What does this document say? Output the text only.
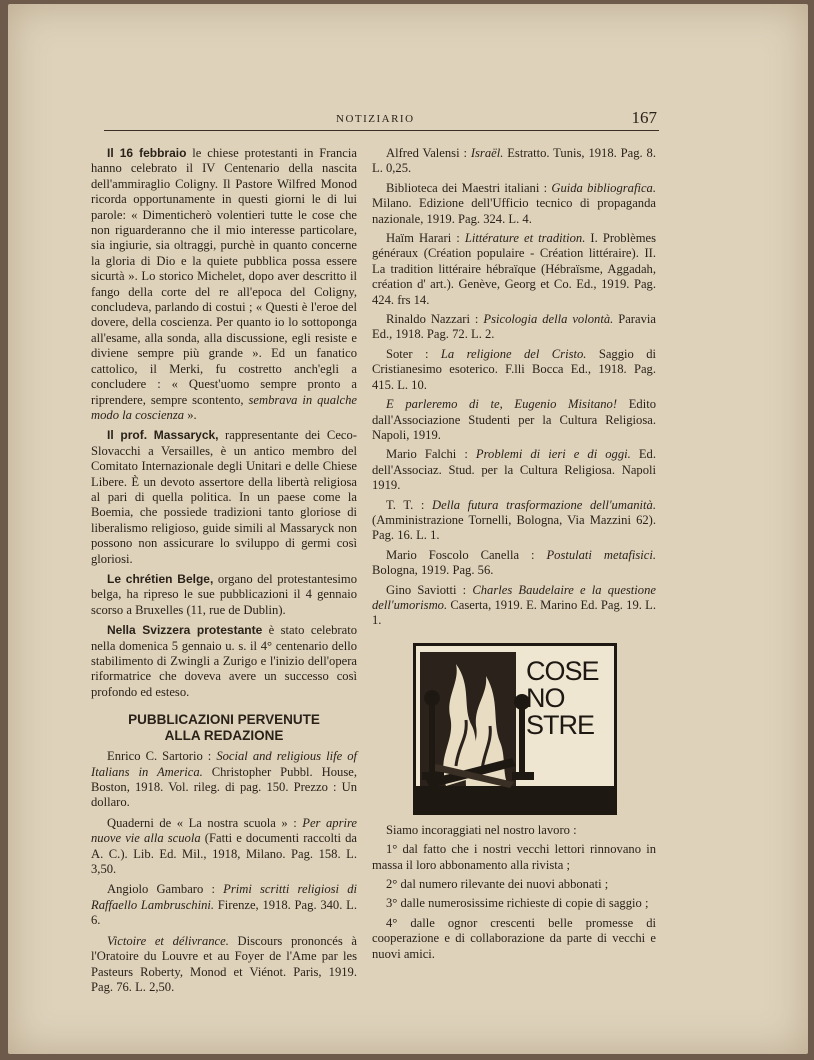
NOTIZIARIO	167

Il 16 febbraio le chiese protestanti in Francia hanno celebrato il IV Centenario della nascita dell'ammiraglio Coligny. Il Pastore Wilfred Monod ricorda opportunamente in questi giorni le di lui parole: « Dimenticherò volentieri tutte le cose che non riguarderanno che il mio interesse particolare, sia ingiurie, sia oltraggi, purchè in quanto concerne la gloria di Dio e la quiete pubblica possa essere sicurtà ». Lo storico Michelet, dopo aver descritto il fango della corte del re all'epoca del Coligny, concludeva, parlando di costui ; « Questi è l'eroe del dovere, della coscienza. Per quanto io lo sottoponga all'esame, alla sonda, alla discussione, egli resiste e diviene sempre più grande ». Ed un fanatico cattolico, il Merki, fu costretto anch'egli a concludere : « Quest'uomo sempre pronto a riprendere, sempre scontento, sembrava in qualche modo la coscienza ».

Il prof. Massaryck, rappresentante dei Ceco-Slovacchi a Versailles, è un antico membro del Comitato Internazionale degli Unitari e delle Chiese Libere. È un devoto assertore della libertà religiosa al pari di quella politica. In un paese come la Boemia, che possiede tradizioni tanto gloriose di liberalismo religioso, guide simili al Massaryck non possono non assicurare lo sviluppo di germi così gloriosi.

Le chrétien Belge, organo del protestantesimo belga, ha ripreso le sue pubblicazioni il 4 gennaio scorso a Bruxelles (11, rue de Dublin).

Nella Svizzera protestante è stato celebrato nella domenica 5 gennaio u. s. il 4° centenario dello stabilimento di Zwingli a Zurigo e l'inizio dell'opera riformatrice che doveva avere un successo così profondo ed esteso.

PUBBLICAZIONI PERVENUTE
ALLA REDAZIONE

Enrico C. Sartorio : Social and religious life of Italians in America. Christopher Pubbl. House, Boston, 1918. Vol. rileg. di pag. 150. Prezzo : Un dollaro.

Quaderni de « La nostra scuola » : Per aprire nuove vie alla scuola (Fatti e documenti raccolti da A. C.). Lib. Ed. Mil., 1918, Milano. Pag. 158. L. 3,50.

Angiolo Gambaro : Primi scritti religiosi di Raffaello Lambruschini. Firenze, 1918. Pag. 340. L. 6.

Victoire et délivrance. Discours prononcés à l'Oratoire du Louvre et au Foyer de l'Ame par les Pasteurs Roberty, Monod et Viénot. Paris, 1919. Pag. 76. L. 2,50.

Alfred Valensi : Israël. Estratto. Tunis, 1918. Pag. 8. L. 0,25.

Biblioteca dei Maestri italiani : Guida bibliografica. Milano. Edizione dell'Ufficio tecnico di propaganda nazionale, 1919. Pag. 324. L. 4.

Haïm Harari : Littérature et tradition. I. Problèmes généraux (Création populaire - Création littéraire). II. La tradition littéraire hébraïque (Hébraïsme, Aggadah, création d' art.). Genève, Georg et Co. Ed., 1919. Pag. 424. frs 14.

Rinaldo Nazzari : Psicologia della volontà. Paravia Ed., 1918. Pag. 72. L. 2.

Soter : La religione del Cristo. Saggio di Cristianesimo esoterico. F.lli Bocca Ed., 1918. Pag. 415. L. 10.

E parleremo di te, Eugenio Misitano! Edito dall'Associazione Studenti per la Cultura Religiosa. Napoli, 1919.

Mario Falchi : Problemi di ieri e di oggi. Ed. dell'Associaz. Stud. per la Cultura Religiosa. Napoli 1919.

T. T. : Della futura trasformazione dell'umanità. (Amministrazione Tornelli, Bologna, Via Mazzini 62). Pag. 16. L. 1.

Mario Foscolo Canella : Postulati metafisici. Bologna, 1919. Pag. 56.

Gino Saviotti : Charles Baudelaire e la questione dell'umorismo. Caserta, 1919. E. Marino Ed. Pag. 19. L. 1.

COSE
NO
STRE

Siamo incoraggiati nel nostro lavoro :

1° dal fatto che i nostri vecchi lettori rinnovano in massa il loro abbonamento alla rivista ;

2° dal numero rilevante dei nuovi abbonati ;

3° dalle numerosissime richieste di copie di saggio ;

4° dalle ognor crescenti belle promesse di cooperazione e di collaborazione da parte di vecchi e nuovi amici.
